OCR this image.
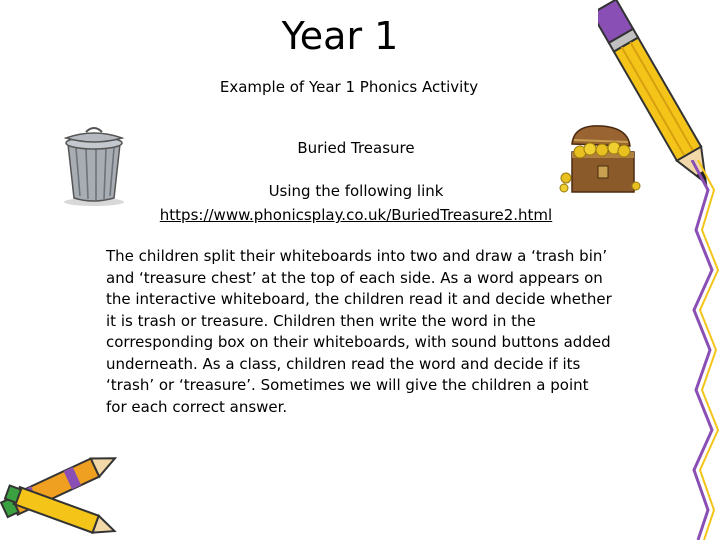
Year 1
Example of Year 1 Phonics Activity
Buried Treasure
Using the following link
https://www.phonicsplay.co.uk/BuriedTreasure2.html
The children split their whiteboards into two and draw a ‘trash bin’ and ‘treasure chest’ at the top of each side. As a word appears on the interactive whiteboard, the children read it and decide whether it is trash or treasure. Children then write the word in the corresponding box on their whiteboards, with sound buttons added underneath. As a class, children read the word and decide if its ‘trash’ or ‘treasure’. Sometimes we will give the children a point for each correct answer.
